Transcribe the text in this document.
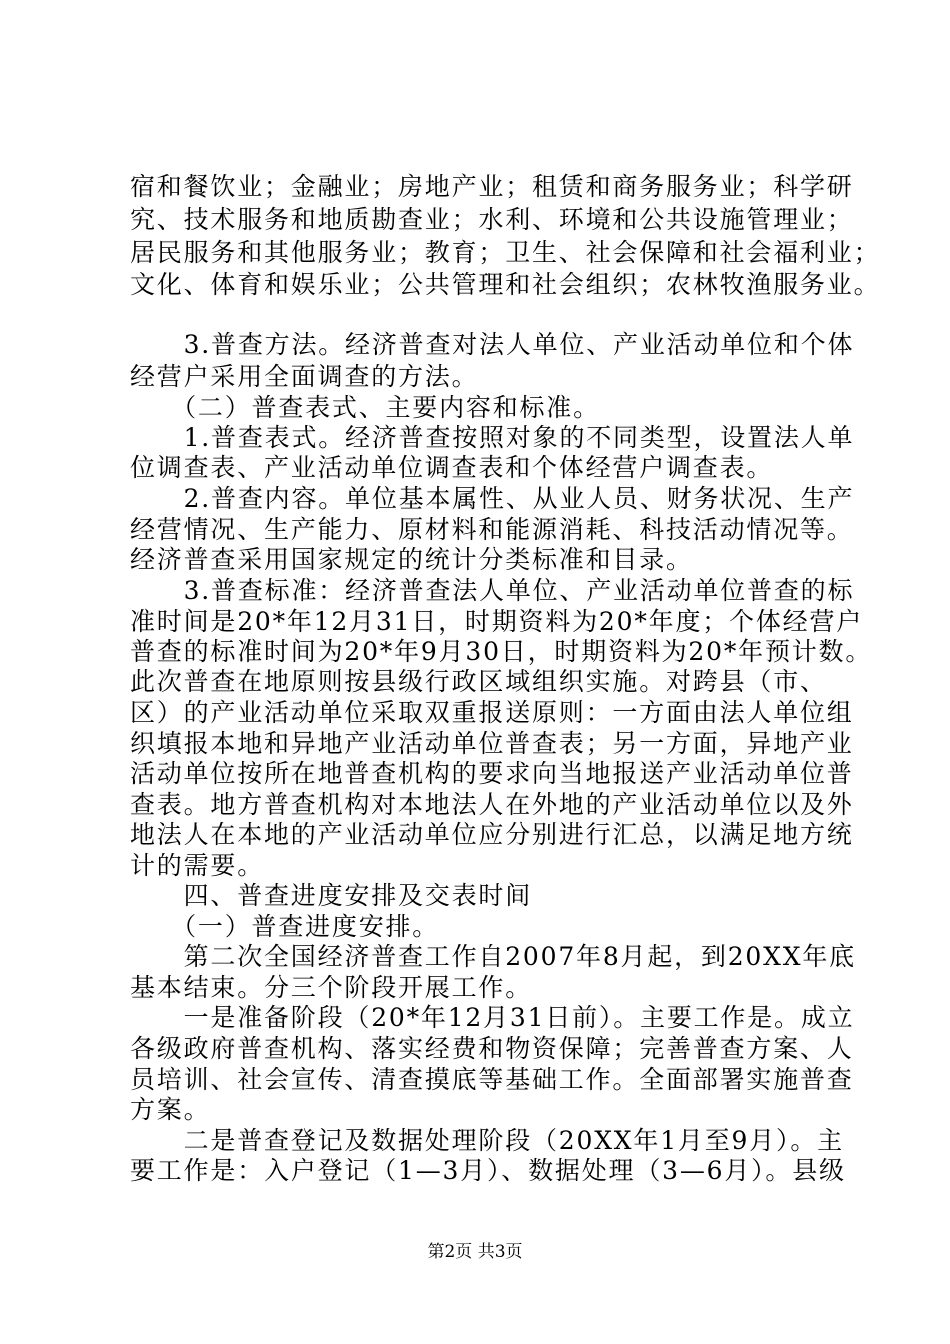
宿和餐饮业；金融业；房地产业；租赁和商务服务业；科学研
究、技术服务和地质勘查业；水利、环境和公共设施管理业；
居民服务和其他服务业；教育；卫生、社会保障和社会福利业；
文化、体育和娱乐业；公共管理和社会组织；农林牧渔服务业。
　　3.普查方法。经济普查对法人单位、产业活动单位和个体
经营户采用全面调查的方法。
　　（二）普查表式、主要内容和标准。
　　1.普查表式。经济普查按照对象的不同类型，设置法人单
位调查表、产业活动单位调查表和个体经营户调查表。
　　2.普查内容。单位基本属性、从业人员、财务状况、生产
经营情况、生产能力、原材料和能源消耗、科技活动情况等。
经济普查采用国家规定的统计分类标准和目录。
　　3.普查标准：经济普查法人单位、产业活动单位普查的标
准时间是20*年12月31日，时期资料为20*年度；个体经营户
普查的标准时间为20*年9月30日，时期资料为20*年预计数。
此次普查在地原则按县级行政区域组织实施。对跨县（市、
区）的产业活动单位采取双重报送原则：一方面由法人单位组
织填报本地和异地产业活动单位普查表；另一方面，异地产业
活动单位按所在地普查机构的要求向当地报送产业活动单位普
查表。地方普查机构对本地法人在外地的产业活动单位以及外
地法人在本地的产业活动单位应分别进行汇总，以满足地方统
计的需要。
　　四、普查进度安排及交表时间
　　（一）普查进度安排。
　　第二次全国经济普查工作自2007年8月起，到20XX年底
基本结束。分三个阶段开展工作。
　　一是准备阶段（20*年12月31日前）。主要工作是。成立
各级政府普查机构、落实经费和物资保障；完善普查方案、人
员培训、社会宣传、清查摸底等基础工作。全面部署实施普查
方案。
　　二是普查登记及数据处理阶段（20XX年1月至9月）。主
要工作是：入户登记（1—3月）、数据处理（3—6月）。县级
第2页 共3页
